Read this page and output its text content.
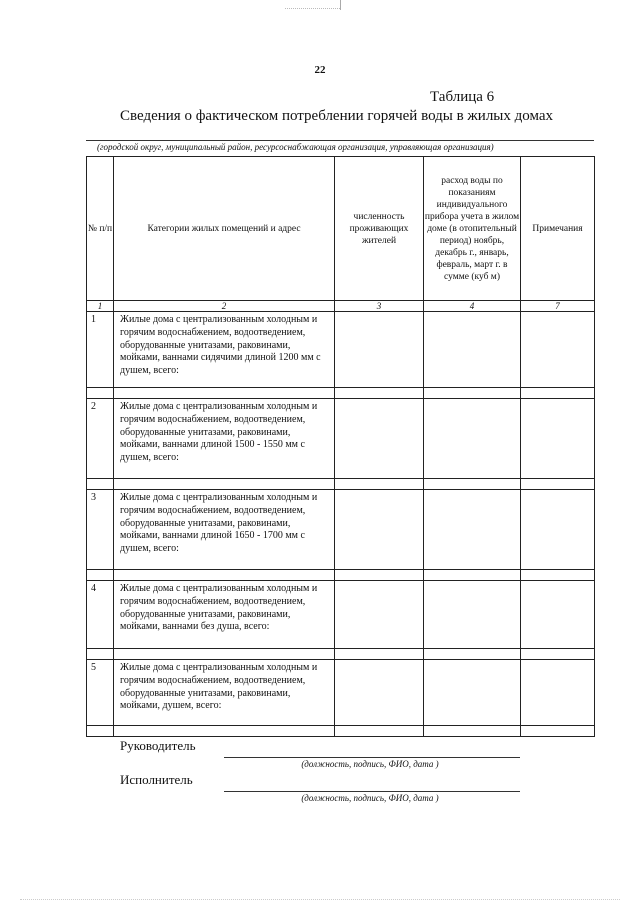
22
Таблица 6
Сведения о фактическом потреблении горячей воды в жилых домах
(городской округ, муниципальный район, ресурсоснабжающая организация, управляющая организация)
№ п/п	Категории жилых помещений и адрес	численность проживающих жителей	расход воды по показаниям индивидуального прибора учета в жилом доме (в отопительный период) ноябрь, декабрь г., январь, февраль, март г. в сумме (куб м)	Примечания
1	2	3	4	7
1	Жилые дома с централизованным холодным и горячим водоснабжением, водоотведением, оборудованные унитазами, раковинами, мойками, ваннами сидячими длиной 1200 мм с душем, всего:			

2	Жилые дома с централизованным холодным и горячим водоснабжением, водоотведением, оборудованные унитазами, раковинами, мойками, ваннами длиной 1500 - 1550 мм с душем, всего:			

3	Жилые дома с централизованным холодным и горячим водоснабжением, водоотведением, оборудованные унитазами, раковинами, мойками, ваннами длиной 1650 - 1700 мм с душем, всего:			

4	Жилые дома с централизованным холодным и горячим водоснабжением, водоотведением, оборудованные унитазами, раковинами, мойками, ваннами без душа, всего:			

5	Жилые дома с централизованным холодным и горячим водоснабжением, водоотведением, оборудованные унитазами, раковинами, мойками, душем, всего:			

Руководитель
(должность, подпись, ФИО, дата )
Исполнитель
(должность, подпись, ФИО, дата )
